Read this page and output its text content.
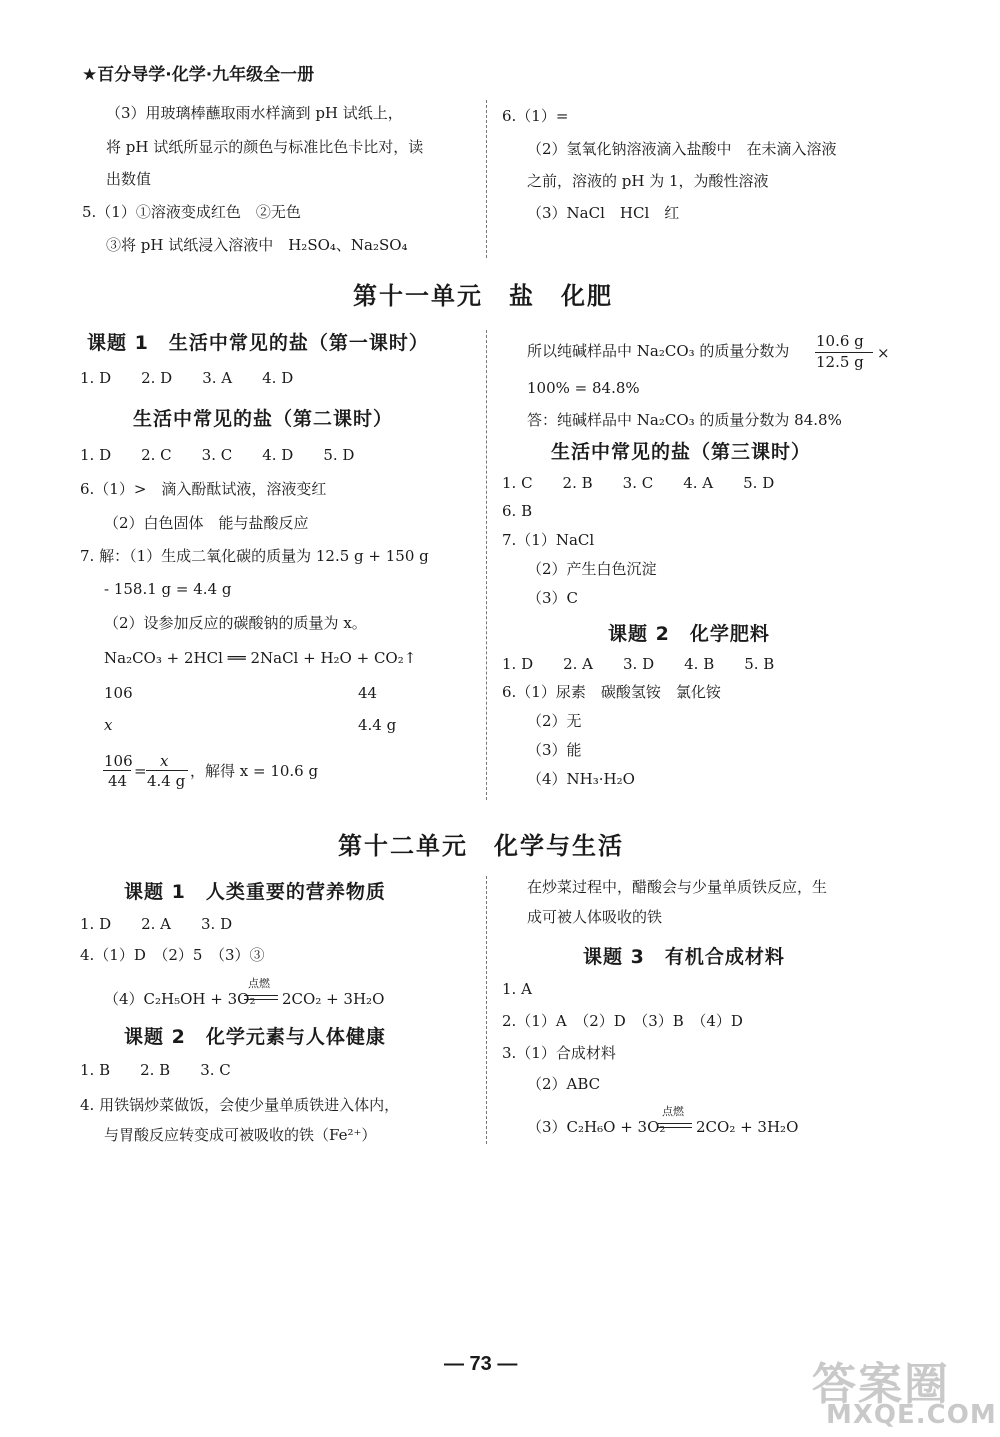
★百分导学·化学·九年级全一册
（3）用玻璃棒蘸取雨水样滴到 pH 试纸上，
将 pH 试纸所显示的颜色与标准比色卡比对，读
出数值
5.（1）①溶液变成红色　②无色
③将 pH 试纸浸入溶液中　H₂SO₄、Na₂SO₄
6.（1）=
（2）氢氧化钠溶液滴入盐酸中　在未滴入溶液
之前，溶液的 pH 为 1，为酸性溶液
（3）NaCl　HCl　红
第十一单元　盐　化肥
课题 1　生活中常见的盐（第一课时）
1. D　　2. D　　3. A　　4. D
生活中常见的盐（第二课时）
1. D　　2. C　　3. C　　4. D　　5. D
6.（1）>　滴入酚酞试液，溶液变红
（2）白色固体　能与盐酸反应
7. 解：（1）生成二氧化碳的质量为 12.5 g + 150 g
- 158.1 g = 4.4 g
（2）设参加反应的碳酸钠的质量为 x。
Na₂CO₃ + 2HCl ══ 2NaCl + H₂O + CO₂↑
106	44
x	4.4 g
106
44
=
x
4.4 g
，解得 x = 10.6 g
所以纯碱样品中 Na₂CO₃ 的质量分数为
10.6 g
12.5 g ×
100% = 84.8%
答：纯碱样品中 Na₂CO₃ 的质量分数为 84.8%
生活中常见的盐（第三课时）
1. C　　2. B　　3. C　　4. A　　5. D
6. B
7.（1）NaCl
（2）产生白色沉淀
（3）C
课题 2　化学肥料
1. D　　2. A　　3. D　　4. B　　5. B
6.（1）尿素　碳酸氢铵　氯化铵
（2）无
（3）能
（4）NH₃·H₂O
第十二单元　化学与生活
课题 1　人类重要的营养物质
1. D　　2. A　　3. D
4.（1）D　（2）5　（3）③
（4）C₂H₅OH + 3O₂
点燃
2CO₂ + 3H₂O
课题 2　化学元素与人体健康
1. B　　2. B　　3. C
4. 用铁锅炒菜做饭，会使少量单质铁进入体内，
与胃酸反应转变成可被吸收的铁（Fe²⁺）
在炒菜过程中，醋酸会与少量单质铁反应，生
成可被人体吸收的铁
课题 3　有机合成材料
1. A
2.（1）A　（2）D　（3）B　（4）D
3.（1）合成材料
（2）ABC
（3）C₂H₆O + 3O₂
点燃
2CO₂ + 3H₂O
— 73 —	答案圈
MXQE.COM
